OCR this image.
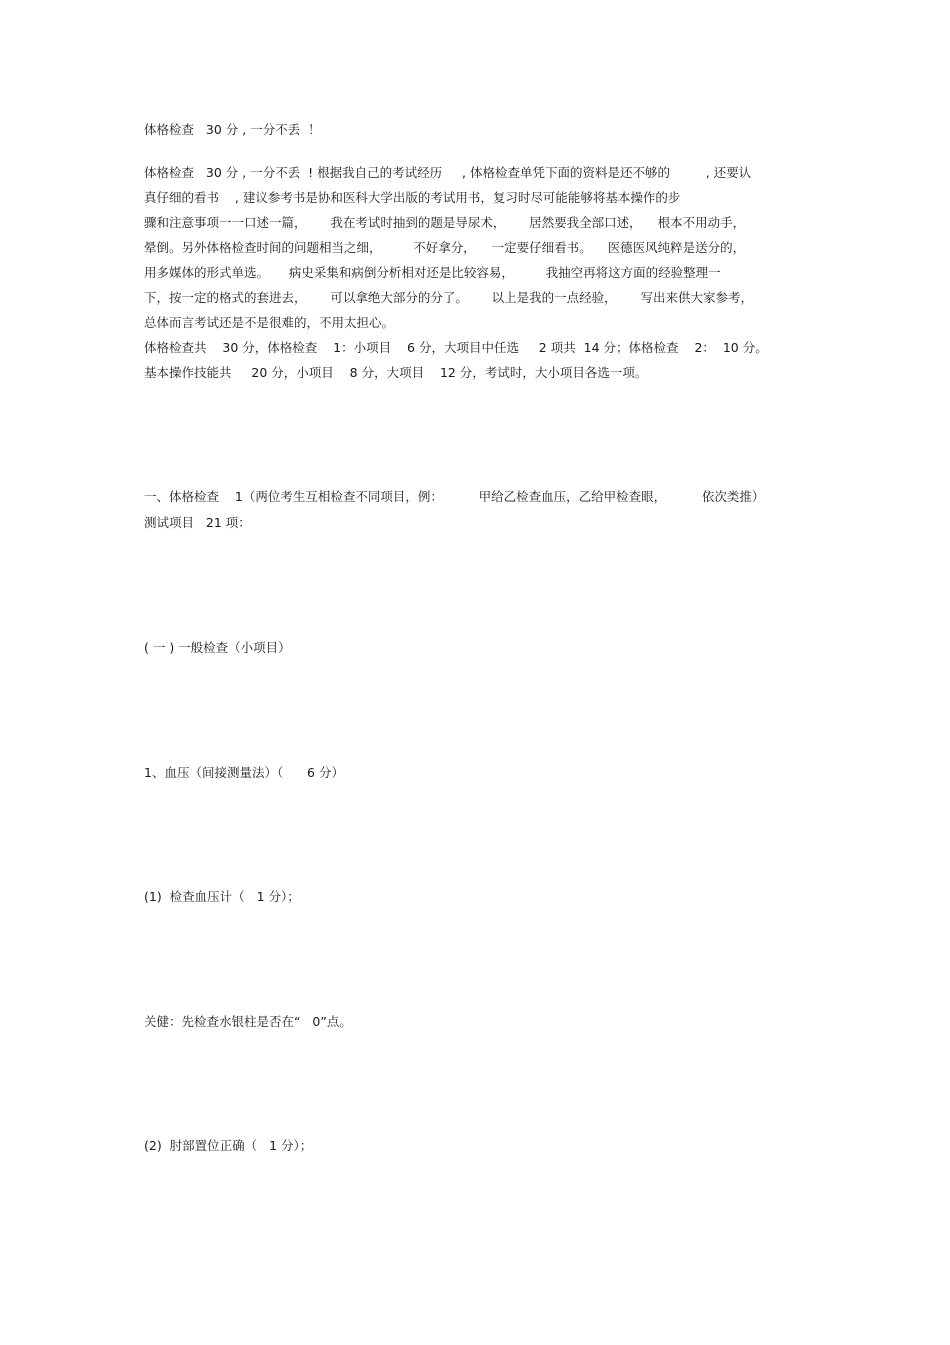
体格检查   30 分 , 一分不丢  ！
体格检查   30 分 , 一分不丢  ! 根据我自己的考试经历     , 体格检查单凭下面的资料是还不够的         , 还要认
真仔细的看书    , 建议参考书是协和医科大学出版的考试用书，复习时尽可能能够将基本操作的步
骤和注意事项一一口述一篇，      我在考试时抽到的题是导尿术，      居然要我全部口述，    根本不用动手，
晕倒。另外体格检查时间的问题相当之细，        不好拿分，    一定要仔细看书。    医德医风纯粹是送分的，
用多媒体的形式单选。     病史采集和病倒分析相对还是比较容易，        我抽空再将这方面的经验整理一
下，按一定的格式的套进去，      可以拿绝大部分的分了。      以上是我的一点经验，      写出来供大家参考，
总体而言考试还是不是很难的，不用太担心。
体格检查共    30 分，体格检查    1：小项目    6 分，大项目中任选     2 项共  14 分；体格检查    2：  10 分。
基本操作技能共     20 分，小项目    8 分，大项目    12 分，考试时，大小项目各选一项。
一、体格检查    1（两位考生互相检查不同项目，例：         甲给乙检查血压，乙给甲检查眼，         依次类推）
测试项目   21 项：
( 一 ) 一般检查（小项目）
1、血压（间接测量法）（      6 分）
(1)  检查血压计（   1 分）；
关健：先检查水银柱是否在“   0”点。
(2)  肘部置位正确（   1 分）；
